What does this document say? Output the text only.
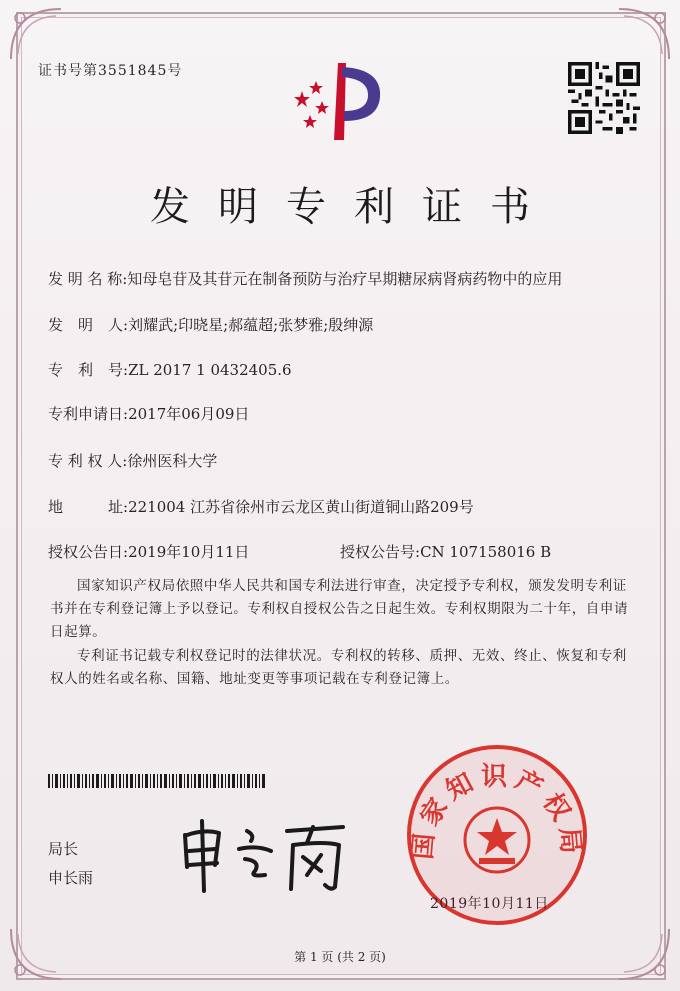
证书号第3551845号
发明专利证书
发 明 名 称:知母皂苷及其苷元在制备预防与治疗早期糖尿病肾病药物中的应用
发　明　人:刘耀武;印晓星;郝蕴超;张梦雅;殷绅源
专　利　号:ZL 2017 1 0432405.6
专利申请日:2017年06月09日
专 利 权 人:徐州医科大学
地　　　址:221004 江苏省徐州市云龙区黄山街道铜山路209号
授权公告日:2019年10月11日	授权公告号:CN 107158016 B
国家知识产权局依照中华人民共和国专利法进行审查，决定授予专利权，颁发发明专利证书并在专利登记簿上予以登记。专利权自授权公告之日起生效。专利权期限为二十年，自申请日起算。
专利证书记载专利权登记时的法律状况。专利权的转移、质押、无效、终止、恢复和专利权人的姓名或名称、国籍、地址变更等事项记载在专利登记簿上。
局长
申长雨
国家知识产权局
2019年10月11日
第 1 页 (共 2 页)
